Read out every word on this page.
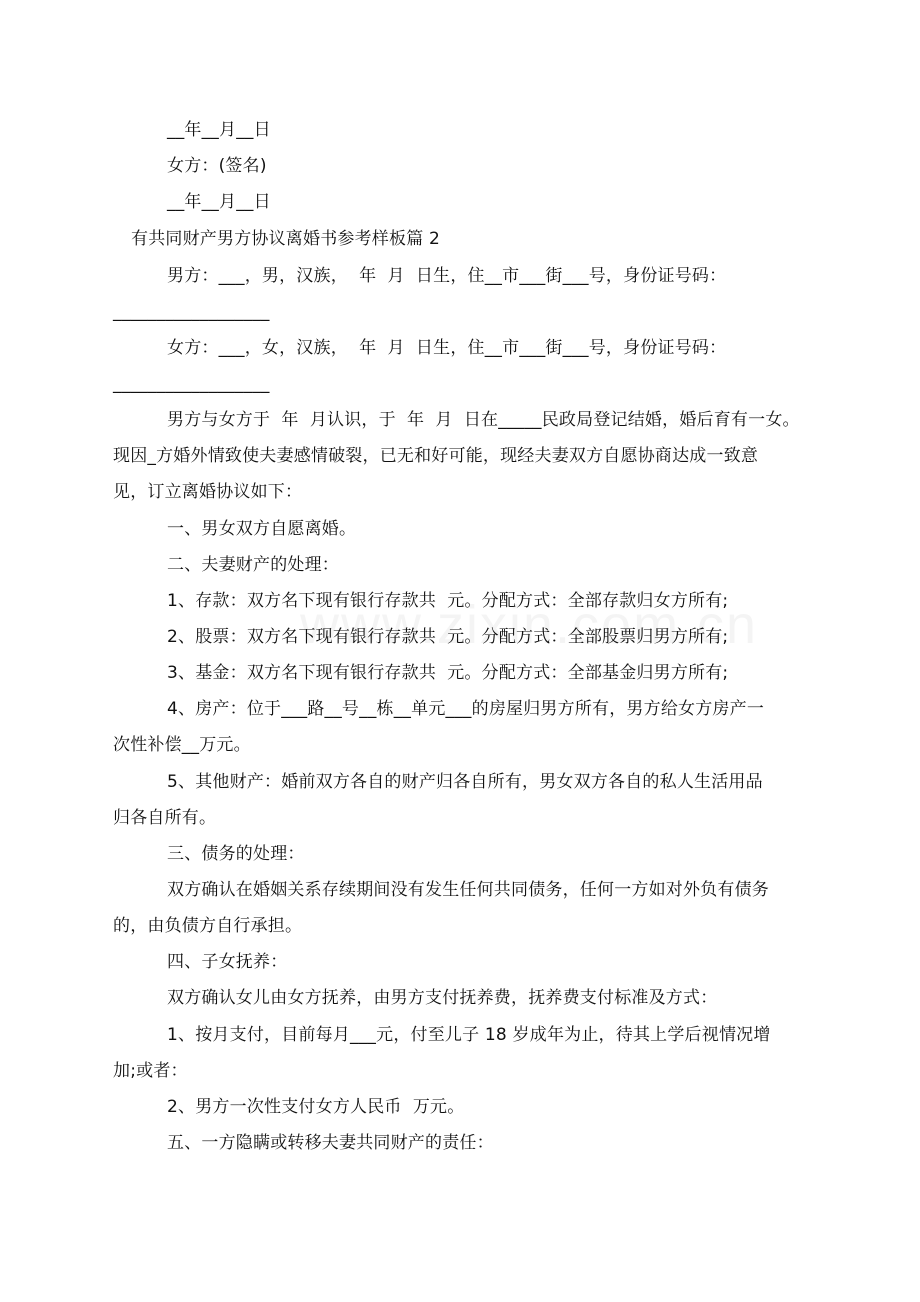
__年__月__日
女方：(签名)
__年__月__日
有共同财产男方协议离婚书参考样板篇 2
男方：___，男，汉族，  年  月  日生，住__市___街___号，身份证号码：
__________________
女方：___，女，汉族，  年  月  日生，住__市___街___号，身份证号码：
__________________
男方与女方于  年  月认识，于  年  月  日在_____民政局登记结婚，婚后育有一女。
现因_方婚外情致使夫妻感情破裂，已无和好可能，现经夫妻双方自愿协商达成一致意
见，订立离婚协议如下：
一、男女双方自愿离婚。
二、夫妻财产的处理：
1、存款：双方名下现有银行存款共  元。分配方式：全部存款归女方所有;
2、股票：双方名下现有银行存款共  元。分配方式：全部股票归男方所有;
3、基金：双方名下现有银行存款共  元。分配方式：全部基金归男方所有;
4、房产：位于___路__号__栋__单元___的房屋归男方所有，男方给女方房产一
次性补偿__万元。
5、其他财产：婚前双方各自的财产归各自所有，男女双方各自的私人生活用品
归各自所有。
三、债务的处理：
双方确认在婚姻关系存续期间没有发生任何共同债务，任何一方如对外负有债务
的，由负债方自行承担。
四、子女抚养：
双方确认女儿由女方抚养，由男方支付抚养费，抚养费支付标准及方式：
1、按月支付，目前每月___元，付至儿子 18 岁成年为止，待其上学后视情况增
加;或者：
2、男方一次性支付女方人民币  万元。
五、一方隐瞒或转移夫妻共同财产的责任：
